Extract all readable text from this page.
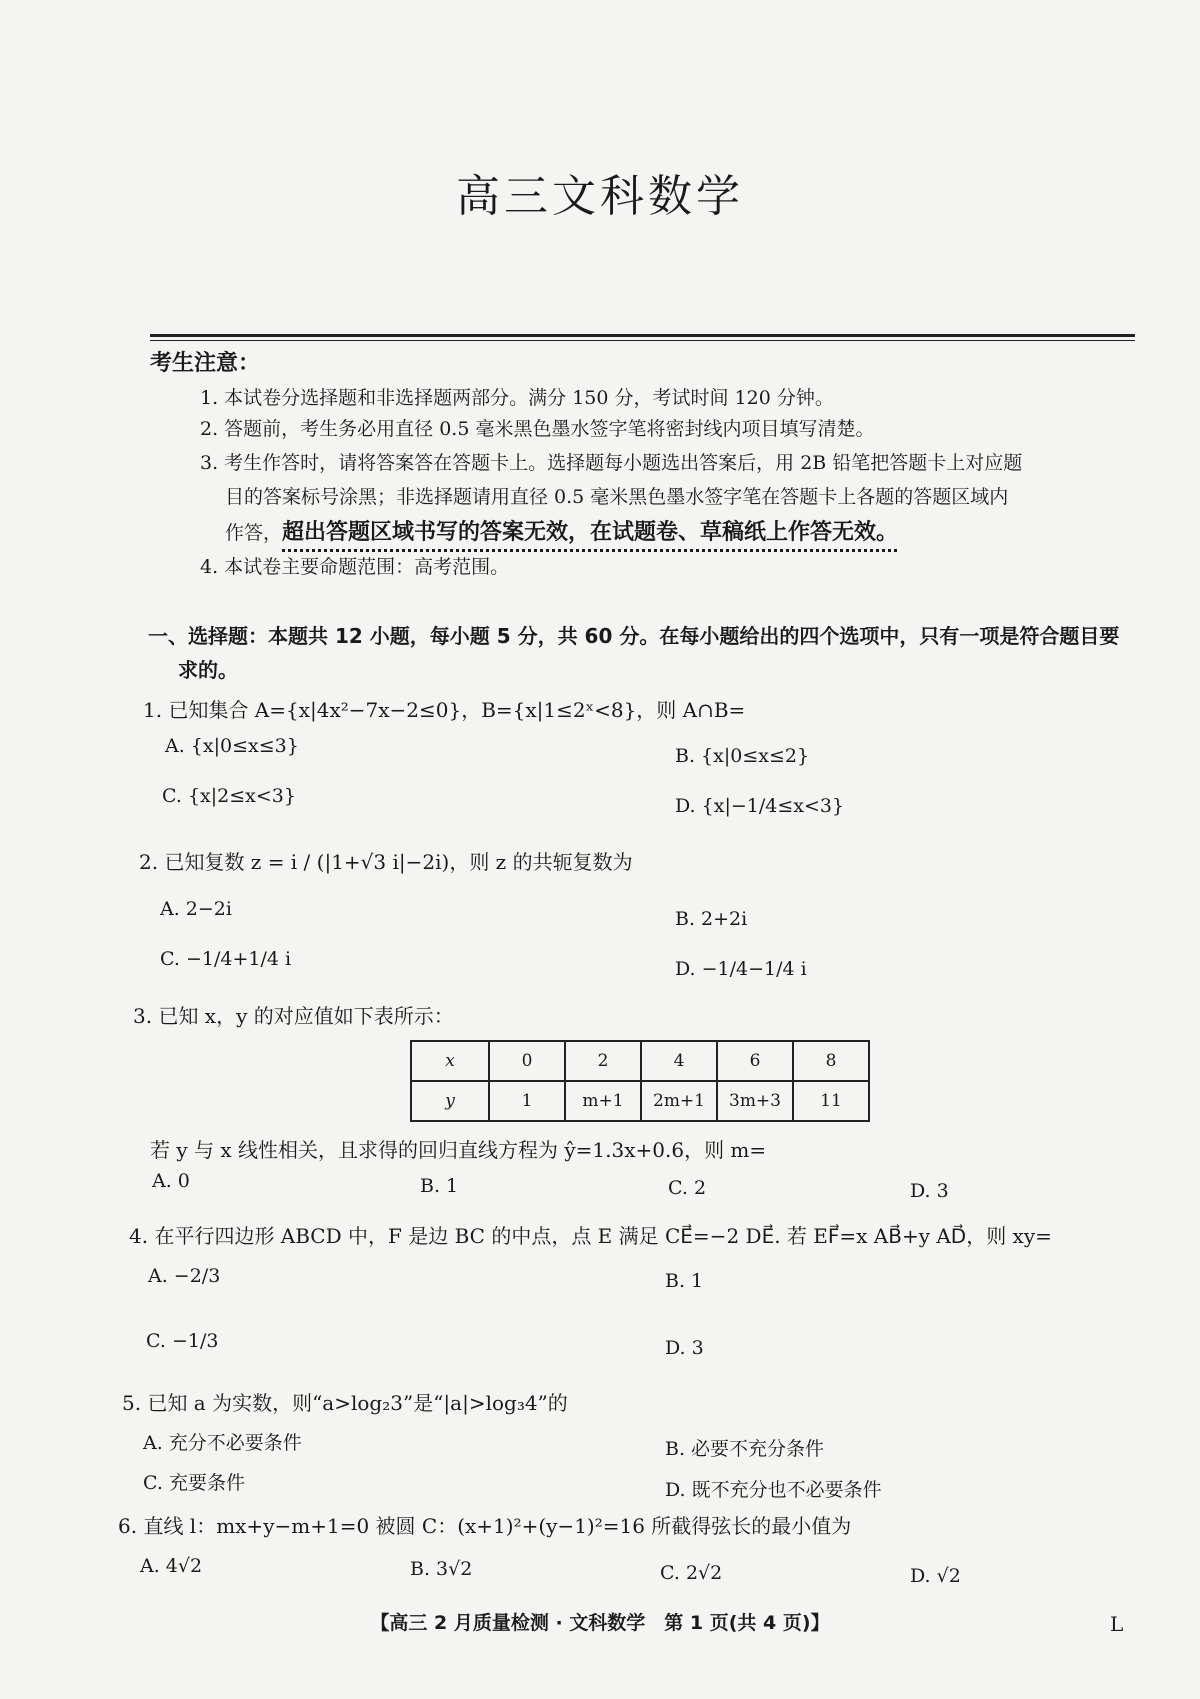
高三文科数学
考生注意：
1. 本试卷分选择题和非选择题两部分。满分 150 分，考试时间 120 分钟。
2. 答题前，考生务必用直径 0.5 毫米黑色墨水签字笔将密封线内项目填写清楚。
3. 考生作答时，请将答案答在答题卡上。选择题每小题选出答案后，用 2B 铅笔把答题卡上对应题
目的答案标号涂黑；非选择题请用直径 0.5 毫米黑色墨水签字笔在答题卡上各题的答题区域内
作答，超出答题区域书写的答案无效，在试题卷、草稿纸上作答无效。
4. 本试卷主要命题范围：高考范围。
一、选择题：本题共 12 小题，每小题 5 分，共 60 分。在每小题给出的四个选项中，只有一项是符合题目要
求的。
1. 已知集合 A={x|4x²−7x−2≤0}，B={x|1≤2ˣ<8}，则 A∩B=
A. {x|0≤x≤3}	B. {x|0≤x≤2}
C. {x|2≤x<3}	D. {x|−1/4≤x<3}
2. 已知复数 z = i / (|1+√3 i|−2i)，则 z 的共轭复数为
A. 2−2i	B. 2+2i
C. −1/4+1/4 i	D. −1/4−1/4 i
3. 已知 x，y 的对应值如下表所示：
x	0	2	4	6	8
y	1	m+1	2m+1	3m+3	11
若 y 与 x 线性相关，且求得的回归直线方程为 ŷ=1.3x+0.6，则 m=
A. 0	B. 1	C. 2	D. 3
4. 在平行四边形 ABCD 中，F 是边 BC 的中点，点 E 满足 CE⃗=−2 DE⃗. 若 EF⃗=x AB⃗+y AD⃗，则 xy=
A. −2/3	B. 1
C. −1/3	D. 3
5. 已知 a 为实数，则“a>log₂3”是“|a|>log₃4”的
A. 充分不必要条件	B. 必要不充分条件
C. 充要条件	D. 既不充分也不必要条件
6. 直线 l：mx+y−m+1=0 被圆 C：(x+1)²+(y−1)²=16 所截得弦长的最小值为
A. 4√2	B. 3√2	C. 2√2	D. √2
【高三 2 月质量检测 · 文科数学　第 1 页(共 4 页)】	L
